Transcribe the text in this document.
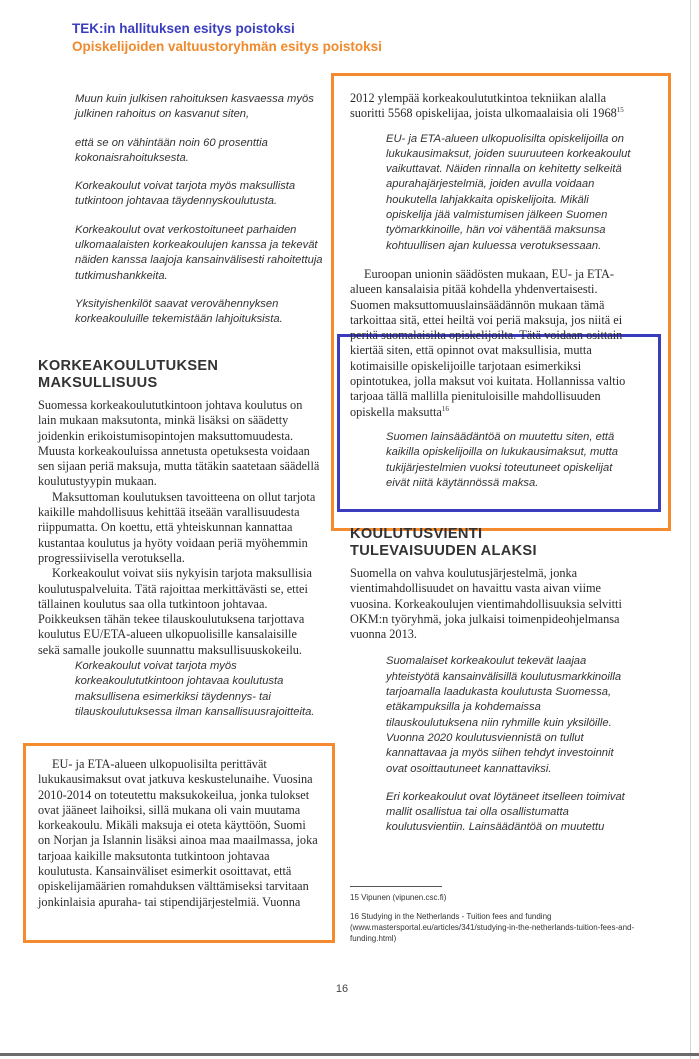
TEK:in hallituksen esitys poistoksi
Opiskelijoiden valtuustoryhmän esitys poistoksi

Muun kuin julkisen rahoituksen kasvaessa myös julkinen rahoitus on kasvanut siten,

että se on vähintään noin 60 prosenttia kokonaisrahoituksesta.

Korkeakoulut voivat tarjota myös maksullista tutkintoon johtavaa täydennyskoulutusta.

Korkeakoulut ovat verkostoituneet parhaiden ulkomaalaisten korkeakoulujen kanssa ja tekevät näiden kanssa laajoja kansainvälisesti rahoitettuja tutkimushankkeita.

Yksityishenkilöt saavat verovähennyksen korkeakouluille tekemistään lahjoituksista.

KORKEAKOULUTUKSEN MAKSULLISUUS

Suomessa korkeakoulututkintoon johtava koulutus on lain mukaan maksutonta, minkä lisäksi on säädetty joidenkin erikoistumisopintojen maksuttomuudesta. Muusta korkeakouluissa annetusta opetuksesta voidaan sen sijaan periä maksuja, mutta tätäkin saatetaan säädellä koulutustyypin mukaan.

Maksuttoman koulutuksen tavoitteena on ollut tarjota kaikille mahdollisuus kehittää itseään varallisuudesta riippumatta. On koettu, että yhteiskunnan kannattaa kustantaa koulutus ja hyöty voidaan periä myöhemmin progressiivisella verotuksella.

Korkeakoulut voivat siis nykyisin tarjota maksullisia koulutuspalveluita. Tätä rajoittaa merkittävästi se, ettei tällainen koulutus saa olla tutkintoon johtavaa. Poikkeuksen tähän tekee tilauskoulutuksena tarjottava koulutus EU/ETA-alueen ulkopuolisille kansalaisille sekä samalle joukolle suunnattu maksullisuuskokeilu.

Korkeakoulut voivat tarjota myös korkeakoulututkintoon johtavaa koulutusta maksullisena esimerkiksi täydennys- tai tilauskoulutuksessa ilman kansallisuusrajoitteita.

EU- ja ETA-alueen ulkopuolisilta perittävät lukukausimaksut ovat jatkuva keskustelunaihe. Vuosina 2010-2014 on toteutettu maksukokeilua, jonka tulokset ovat jääneet laihoiksi, sillä mukana oli vain muutama korkeakoulu. Mikäli maksuja ei oteta käyttöön, Suomi on Norjan ja Islannin lisäksi ainoa maa maailmassa, joka tarjoaa kaikille maksutonta tutkintoon johtavaa koulutusta. Kansainväliset esimerkit osoittavat, että opiskelijamäärien romahduksen välttämiseksi tarvitaan jonkinlaisia apuraha- tai stipendijärjestelmiä. Vuonna

2012 ylempää korkeakoulututkintoa tekniikan alalla suoritti 5568 opiskelijaa, joista ulkomaalaisia oli 1968$^{15}$

EU- ja ETA-alueen ulkopuolisilta opiskelijoilla on lukukausimaksut, joiden suuruuteen korkeakoulut vaikuttavat. Näiden rinnalla on kehitetty selkeitä apurahajärjestelmiä, joiden avulla voidaan houkutella lahjakkaita opiskelijoita. Mikäli opiskelija jää valmistumisen jälkeen Suomen työmarkkinoille, hän voi vähentää maksunsa kohtuullisen ajan kuluessa verotuksessaan.

Euroopan unionin säädösten mukaan, EU- ja ETA-alueen kansalaisia pitää kohdella yhdenvertaisesti. Suomen maksuttomuuslainsäädännön mukaan tämä tarkoittaa sitä, ettei heiltä voi periä maksuja, jos niitä ei peritä suomalaisilta opiskelijoilta. Tätä voidaan osittain kiertää siten, että opinnot ovat maksullisia, mutta kotimaisille opiskelijoille tarjotaan esimerkiksi opintotukea, jolla maksut voi kuitata. Hollannissa valtio tarjoaa tällä mallilla pienituloisille mahdollisuuden opiskella maksutta$^{16}$

Suomen lainsäädäntöä on muutettu siten, että kaikilla opiskelijoilla on lukukausimaksut, mutta tukijärjestelmien vuoksi toteutuneet opiskelijat eivät niitä käytännössä maksa.

KOULUTUSVIENTI
TULEVAISUUDEN ALAKSI

Suomella on vahva koulutusjärjestelmä, jonka vientimahdollisuudet on havaittu vasta aivan viime vuosina. Korkeakoulujen vientimahdollisuuksia selvitti OKM:n työryhmä, joka julkaisi toimenpideohjelmansa vuonna 2013.

Suomalaiset korkeakoulut tekevät laajaa yhteistyötä kansainvälisillä koulutusmarkkinoilla tarjoamalla laadukasta koulutusta Suomessa, etäkampuksilla ja kohdemaissa tilauskoulutuksena niin ryhmille kuin yksilöille. Vuonna 2020 koulutusviennistä on tullut kannattavaa ja myös siihen tehdyt investoinnit ovat osoittautuneet kannattaviksi.

Eri korkeakoulut ovat löytäneet itselleen toimivat mallit osallistua tai olla osallistumatta koulutusvientiin. Lainsäädäntöä on muutettu

15 Vipunen (vipunen.csc.fi)

16 Studying in the Netherlands - Tuition fees and funding (www.mastersportal.eu/articles/341/studying-in-the-netherlands-tuition-fees-and-funding.html)

16
